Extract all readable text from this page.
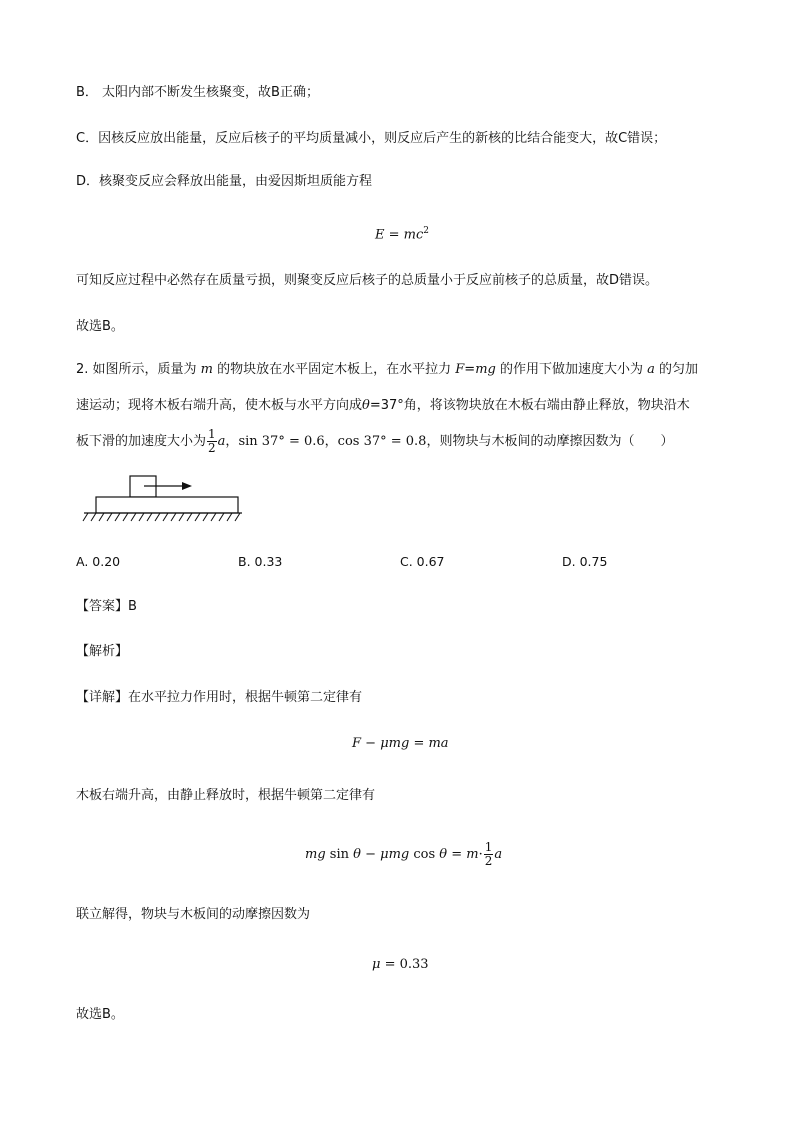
B． 太阳内部不断发生核聚变，故B正确；
C．因核反应放出能量，反应后核子的平均质量减小，则反应后产生的新核的比结合能变大，故C错误；
D．核聚变反应会释放出能量，由爱因斯坦质能方程
$E = mc^2$
可知反应过程中必然存在质量亏损，则聚变反应后核子的总质量小于反应前核子的总质量，故D错误。
故选B。
2. 如图所示，质量为 m 的物块放在水平固定木板上，在水平拉力 F=mg 的作用下做加速度大小为 a 的匀加
速运动；现将木板右端升高，使木板与水平方向成θ=37°角，将该物块放在木板右端由静止释放，物块沿木
板下滑的加速度大小为 $\frac{1}{2}$ a，sin 37° = 0.6，cos 37° = 0.8，则物块与木板间的动摩擦因数为（　　）
A. 0.20	B. 0.33	C. 0.67	D. 0.75
【答案】B
【解析】
【详解】在水平拉力作用时，根据牛顿第二定律有
F − μmg = ma
木板右端升高，由静止释放时，根据牛顿第二定律有
mg sin θ − μmg $\cos \theta = m\cdot \frac{1}{2}$ a
联立解得，物块与木板间的动摩擦因数为
μ = 0.33
故选B。
